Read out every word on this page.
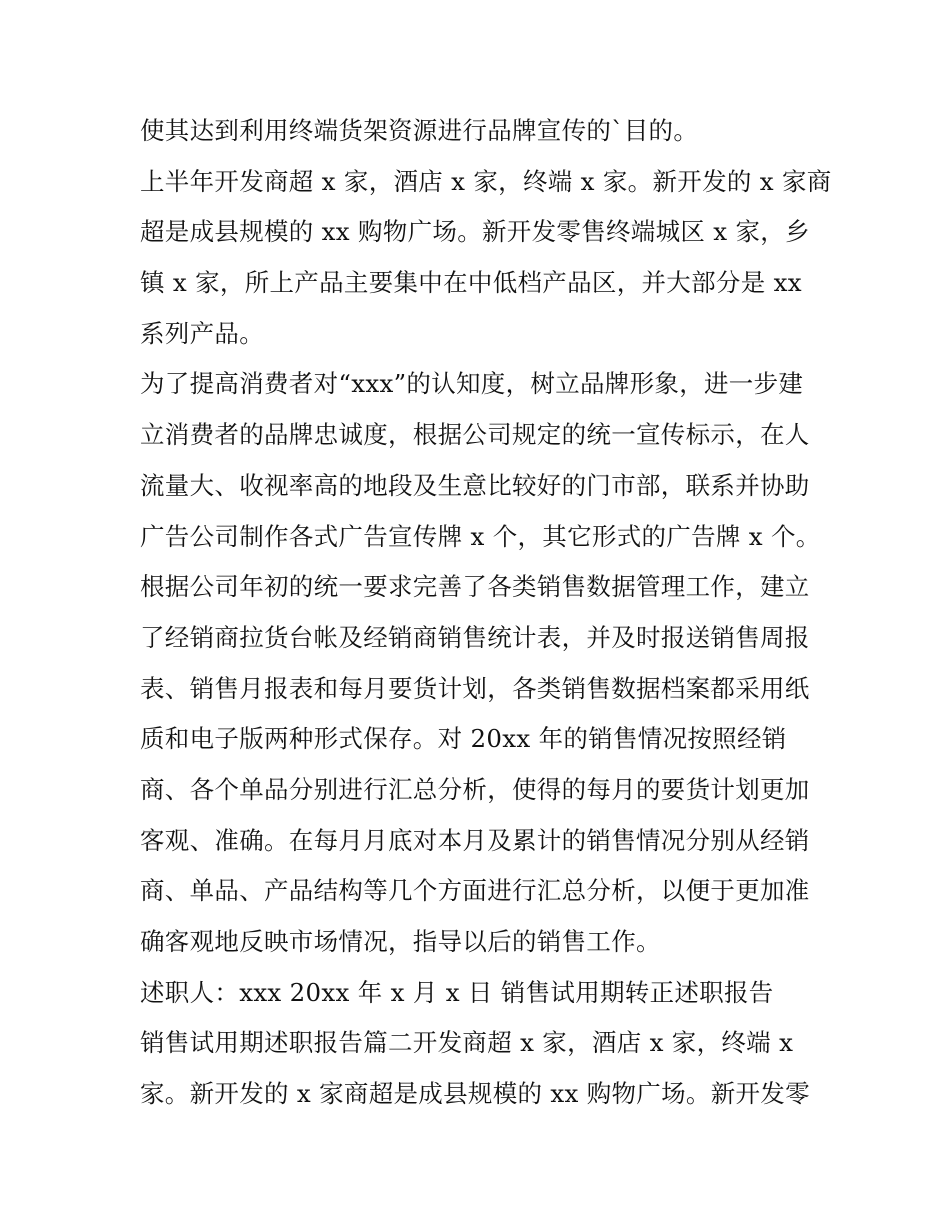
使其达到利用终端货架资源进行品牌宣传的`目的。
上半年开发商超 x 家，酒店 x 家，终端 x 家。新开发的 x 家商
超是成县规模的 xx 购物广场。新开发零售终端城区 x 家，乡
镇 x 家，所上产品主要集中在中低档产品区，并大部分是 xx
系列产品。
为了提高消费者对“xxx”的认知度，树立品牌形象，进一步建
立消费者的品牌忠诚度，根据公司规定的统一宣传标示，在人
流量大、收视率高的地段及生意比较好的门市部，联系并协助
广告公司制作各式广告宣传牌 x 个，其它形式的广告牌 x 个。
根据公司年初的统一要求完善了各类销售数据管理工作，建立
了经销商拉货台帐及经销商销售统计表，并及时报送销售周报
表、销售月报表和每月要货计划，各类销售数据档案都采用纸
质和电子版两种形式保存。对 20xx 年的销售情况按照经销
商、各个单品分别进行汇总分析，使得的每月的要货计划更加
客观、准确。在每月月底对本月及累计的销售情况分别从经销
商、单品、产品结构等几个方面进行汇总分析，以便于更加准
确客观地反映市场情况，指导以后的销售工作。
述职人：xxx 20xx 年 x 月 x 日 销售试用期转正述职报告
销售试用期述职报告篇二开发商超 x 家，酒店 x 家，终端 x
家。新开发的 x 家商超是成县规模的 xx 购物广场。新开发零
